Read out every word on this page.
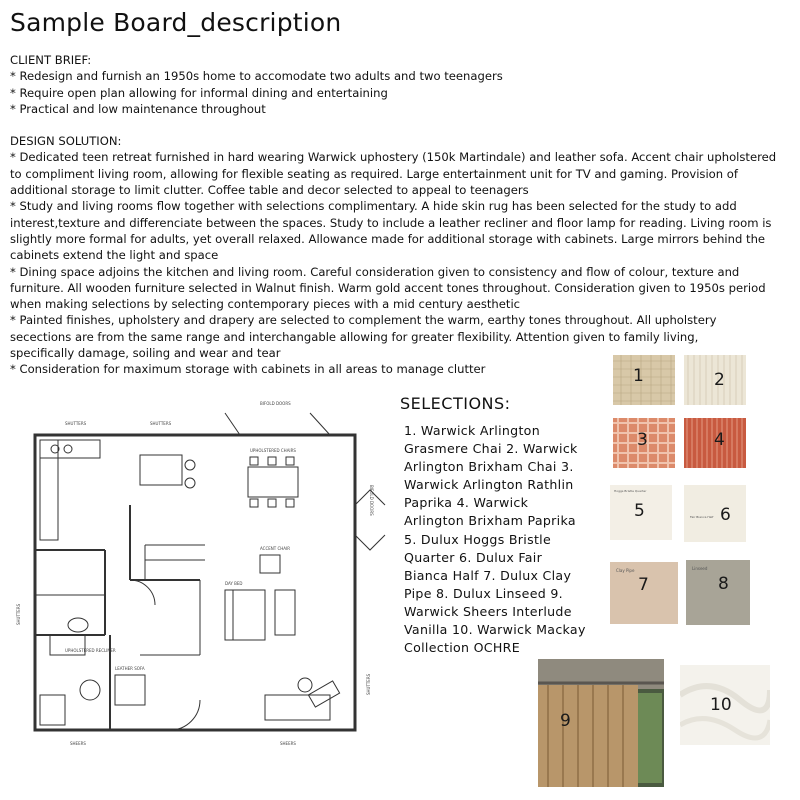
Sample Board_description

CLIENT BRIEF:

* Redesign and furnish an 1950s home to accomodate two adults and two teenagers

* Require open plan allowing for informal dining and entertaining

* Practical and low maintenance throughout

DESIGN SOLUTION:

* Dedicated teen retreat furnished in hard wearing Warwick uphostery (150k Martindale) and leather sofa. Accent chair upholstered to compliment living room, allowing for flexible seating as required. Large entertainment unit for TV and gaming. Provision of additional storage to limit clutter. Coffee table and decor selected to appeal to teenagers

* Study and living rooms flow together with selections complimentary. A hide skin rug has been selected for the study to add interest,texture and differenciate between the spaces. Study to include a leather recliner and floor lamp for reading. Living room is slightly more formal for adults, yet overall relaxed. Allowance made for additional storage with cabinets. Large mirrors behind the cabinets extend the light and space

* Dining space adjoins the kitchen and living room. Careful consideration given to consistency and flow of colour, texture and furniture. All wooden furniture selected in Walnut finish. Warm gold accent tones throughout. Consideration given to 1950s period when making selections by selecting contemporary pieces with a mid century aesthetic

* Painted finishes, upholstery and drapery are selected to complement the warm, earthy tones throughout. All upholstery secections are from the same range and interchangable allowing for greater flexibility. Attention given to family living, specifically damage, soiling and wear and tear

* Consideration for maximum storage with cabinets in all areas to manage clutter

SHUTTERS	SHUTTERS
BIFOLD DOORS
UPHOLSTERED CHAIRS
ACCENT CHAIR
DAY BED
UPHOLSTERED RECLINER
LEATHER SOFA
SHEERS	SHEERS
SHUTTERS
SHUTTERS
BIFOLD DOORS
SELECTIONS:
1. Warwick Arlington Grasmere Chai 2. Warwick Arlington Brixham Chai 3. Warwick Arlington Rathlin Paprika 4. Warwick Arlington Brixham Paprika 5. Dulux Hoggs Bristle Quarter 6. Dulux Fair Bianca Half 7. Dulux Clay Pipe 8. Dulux Linseed 9. Warwick Sheers Interlude Vanilla 10. Warwick Mackay Collection OCHRE
1	2
3	4
Hoggs Bristle Quarter
5	Fair Bianca Half 6
Clay Pipe
7
Linseed
8
9
10
